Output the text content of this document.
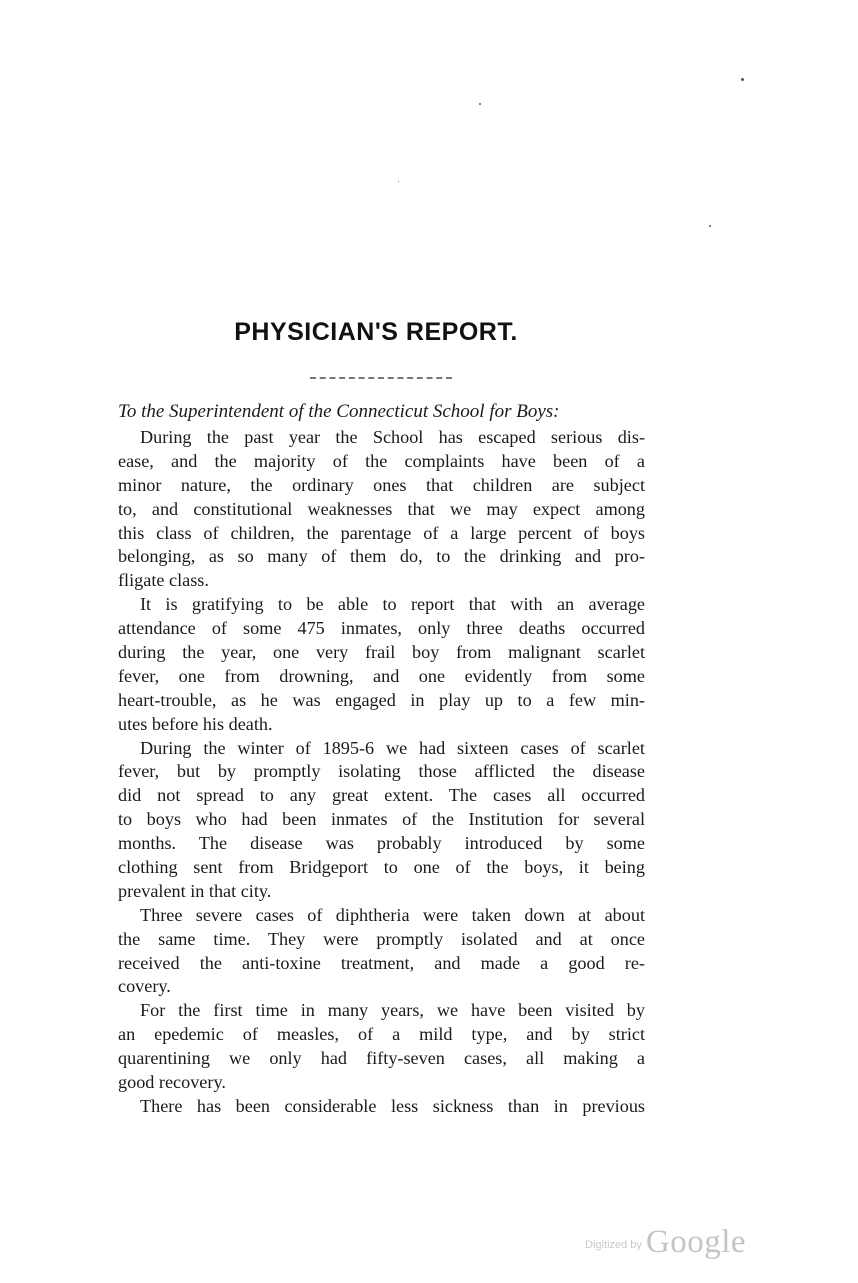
PHYSICIAN'S REPORT.
To the Superintendent of the Connecticut School for Boys:
During the past year the School has escaped serious dis-
ease, and the majority of the complaints have been of a
minor nature, the ordinary ones that children are subject
to, and constitutional weaknesses that we may expect among
this class of children, the parentage of a large percent of boys
belonging, as so many of them do, to the drinking and pro-
fligate class.
It is gratifying to be able to report that with an average
attendance of some 475 inmates, only three deaths occurred
during the year, one very frail boy from malignant scarlet
fever, one from drowning, and one evidently from some
heart-trouble, as he was engaged in play up to a few min-
utes before his death.
During the winter of 1895-6 we had sixteen cases of scarlet
fever, but by promptly isolating those afflicted the disease
did not spread to any great extent. The cases all occurred
to boys who had been inmates of the Institution for several
months. The disease was probably introduced by some
clothing sent from Bridgeport to one of the boys, it being
prevalent in that city.
Three severe cases of diphtheria were taken down at about
the same time. They were promptly isolated and at once
received the anti-toxine treatment, and made a good re-
covery.
For the first time in many years, we have been visited by
an epedemic of measles, of a mild type, and by strict
quarentining we only had fifty-seven cases, all making a
good recovery.
There has been considerable less sickness than in previous
$^{Digitized by}$ Google
